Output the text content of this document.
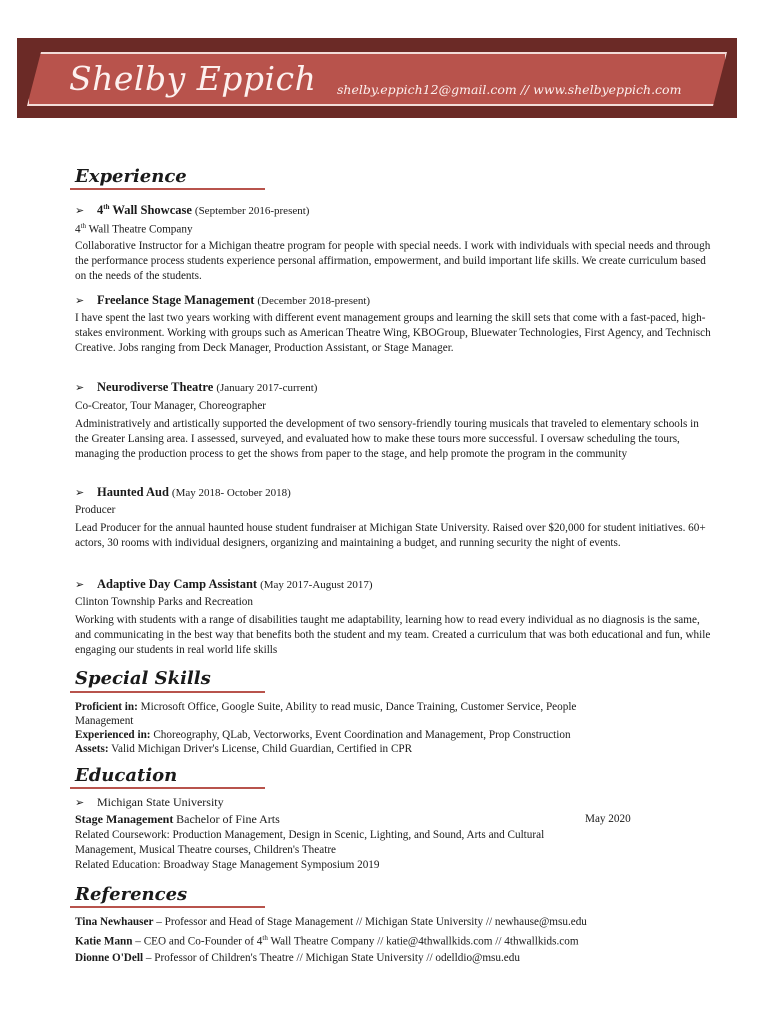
Shelby Eppich shelby.eppich12@gmail.com // www.shelbyeppich.com
Experience
➢ 4th Wall Showcase (September 2016-present)
4th Wall Theatre Company
Collaborative Instructor for a Michigan theatre program for people with special needs. I work with individuals with special needs and through the performance process students experience personal affirmation, empowerment, and build important life skills. We create curriculum based on the needs of the students.
➢ Freelance Stage Management (December 2018-present)
I have spent the last two years working with different event management groups and learning the skill sets that come with a fast-paced, high-stakes environment. Working with groups such as American Theatre Wing, KBOGroup, Bluewater Technologies, First Agency, and Technisch Creative. Jobs ranging from Deck Manager, Production Assistant, or Stage Manager.
➢ Neurodiverse Theatre (January 2017-current)
Co-Creator, Tour Manager, Choreographer
Administratively and artistically supported the development of two sensory-friendly touring musicals that traveled to elementary schools in the Greater Lansing area. I assessed, surveyed, and evaluated how to make these tours more successful. I oversaw scheduling the tours, managing the production process to get the shows from paper to the stage, and help promote the program in the community
➢ Haunted Aud (May 2018- October 2018)
Producer
Lead Producer for the annual haunted house student fundraiser at Michigan State University. Raised over $20,000 for student initiatives. 60+ actors, 30 rooms with individual designers, organizing and maintaining a budget, and running security the night of events.
➢ Adaptive Day Camp Assistant (May 2017-August 2017)
Clinton Township Parks and Recreation
Working with students with a range of disabilities taught me adaptability, learning how to read every individual as no diagnosis is the same, and communicating in the best way that benefits both the student and my team. Created a curriculum that was both educational and fun, while engaging our students in real world life skills
Special Skills
Proficient in: Microsoft Office, Google Suite, Ability to read music, Dance Training, Customer Service, People
Management
Experienced in: Choreography, QLab, Vectorworks, Event Coordination and Management, Prop Construction
Assets: Valid Michigan Driver's License, Child Guardian, Certified in CPR
Education
➢ Michigan State University
Stage Management Bachelor of Fine Arts	May 2020
Related Coursework: Production Management, Design in Scenic, Lighting, and Sound, Arts and Cultural
Management, Musical Theatre courses, Children's Theatre
Related Education: Broadway Stage Management Symposium 2019
References
Tina Newhauser – Professor and Head of Stage Management // Michigan State University // newhause@msu.edu
Katie Mann – CEO and Co-Founder of 4th Wall Theatre Company // katie@4thwallkids.com // 4thwallkids.com
Dionne O'Dell – Professor of Children's Theatre // Michigan State University // odelldio@msu.edu
